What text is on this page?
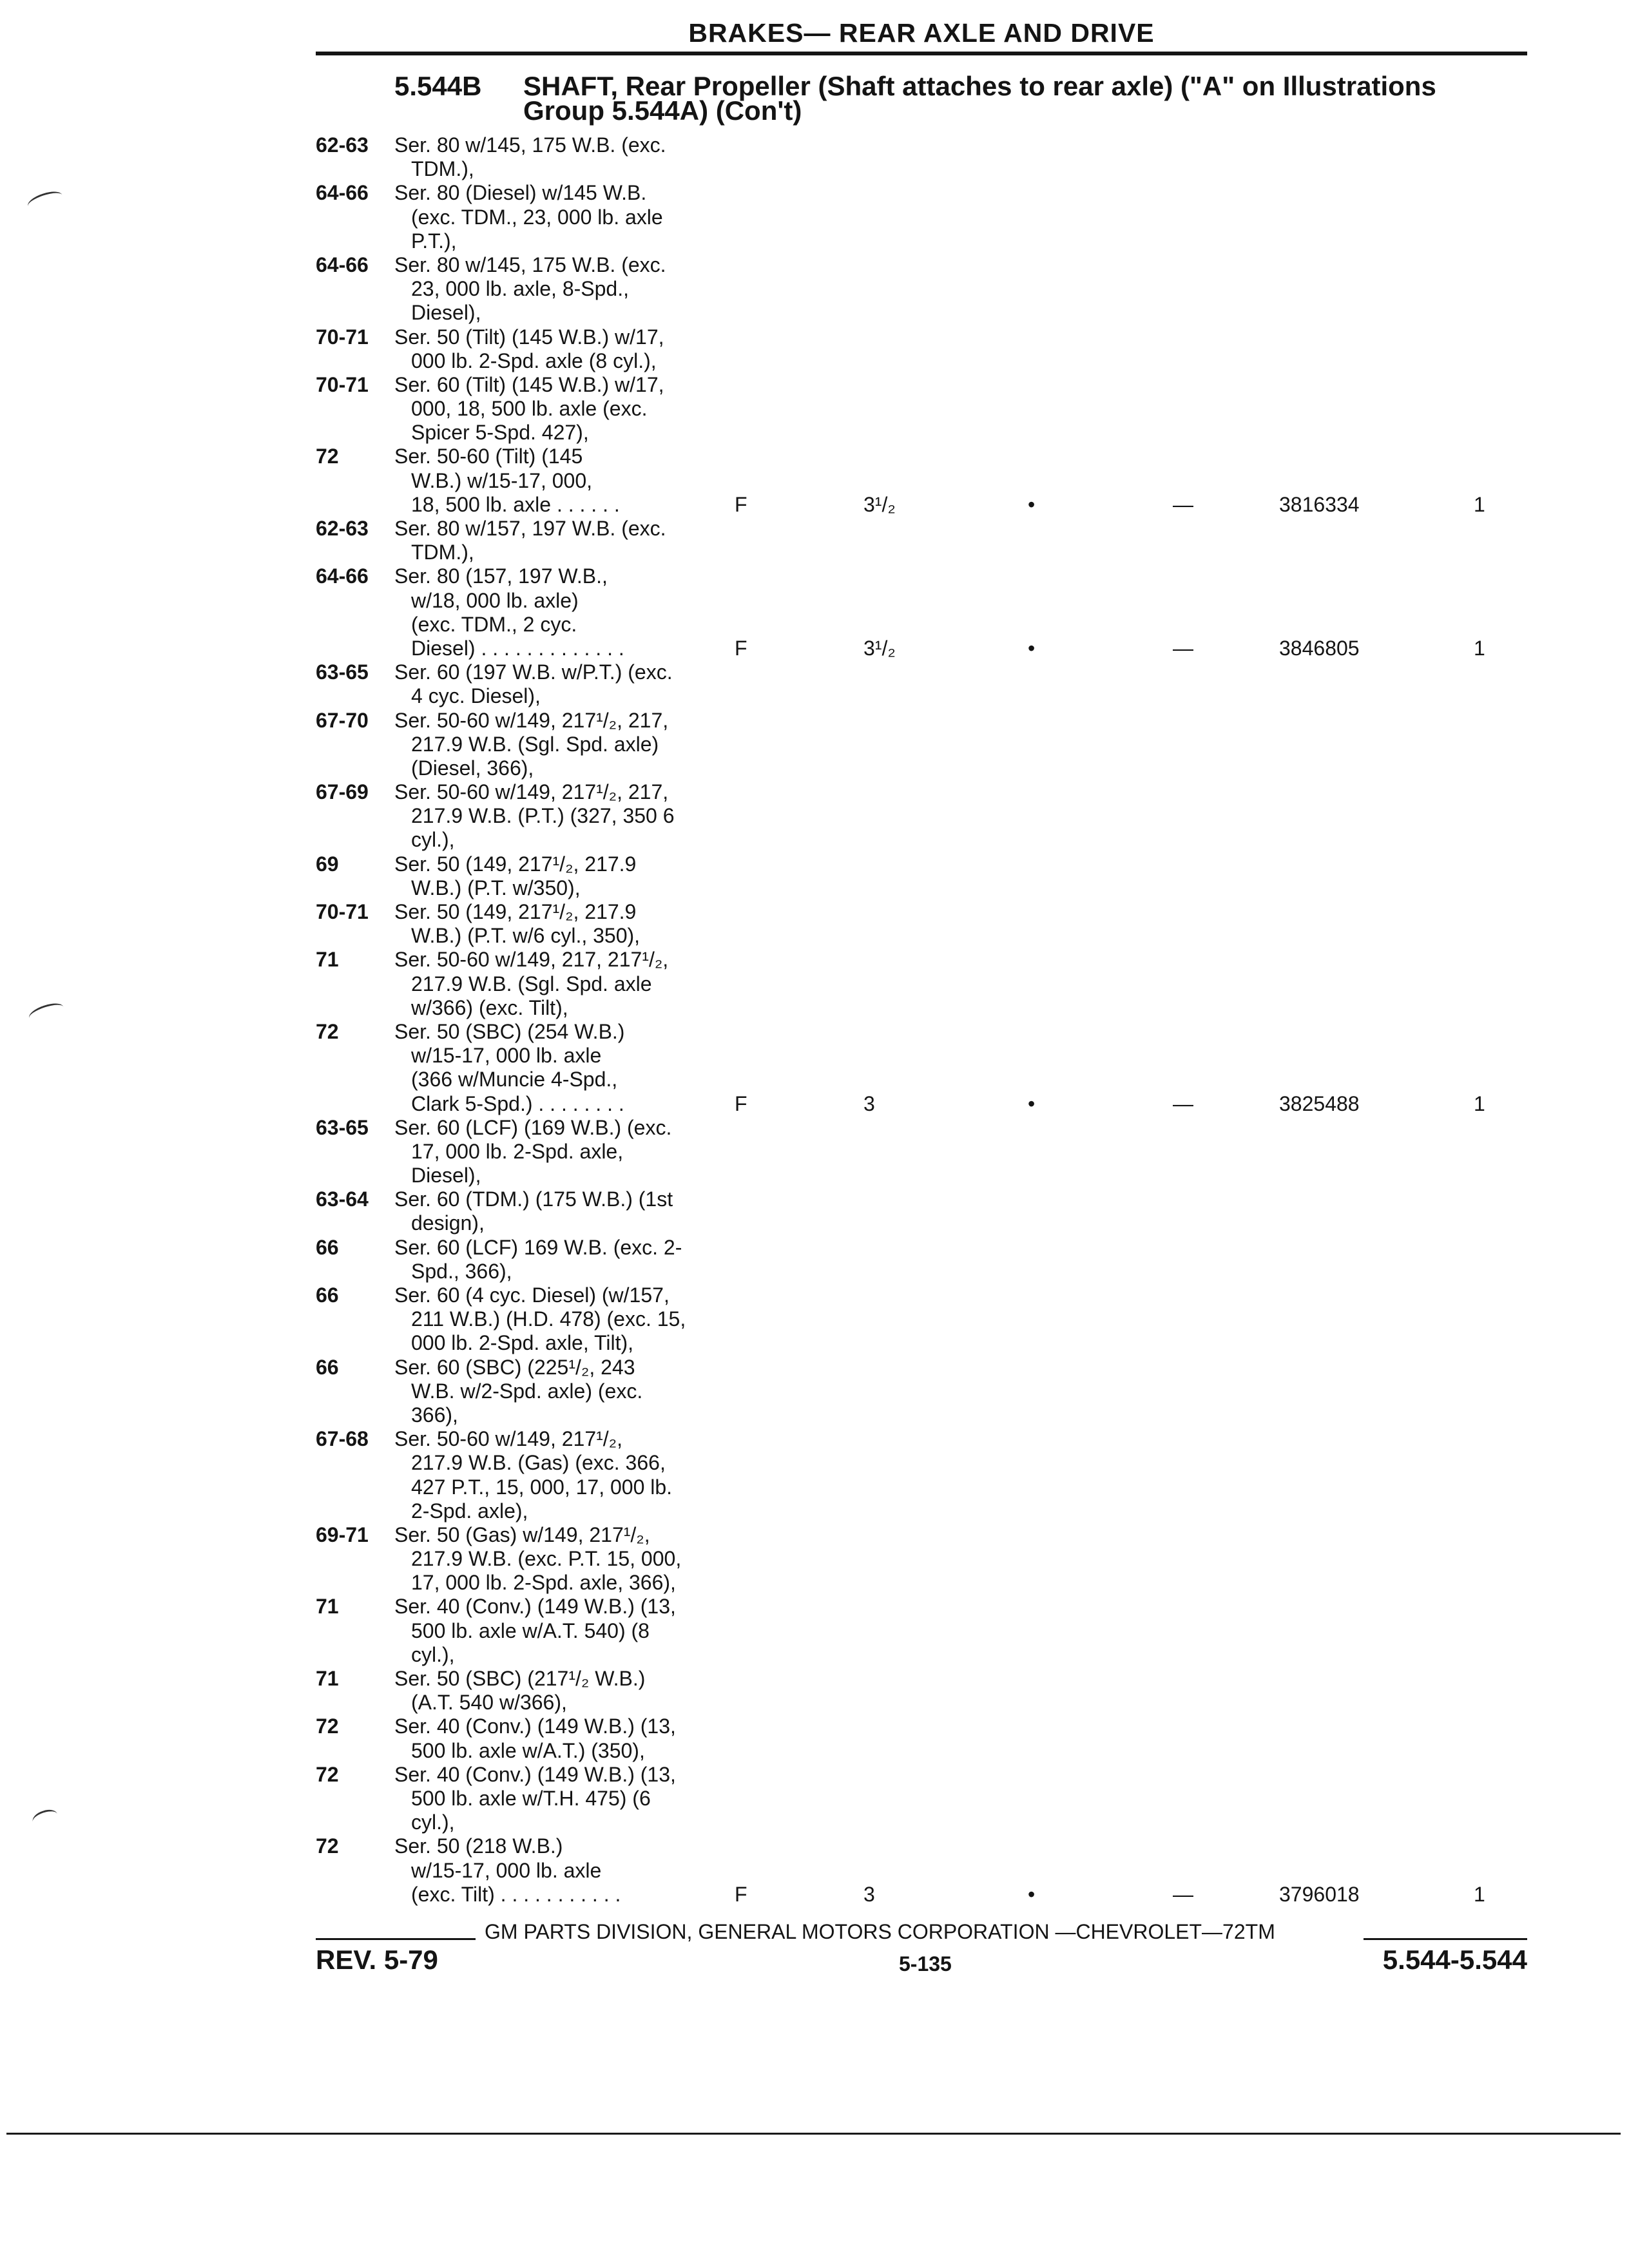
BRAKES— REAR AXLE AND DRIVE
5.544B SHAFT, Rear Propeller (Shaft attaches to rear axle) ("A" on Illustrations
Group 5.544A) (Con't)
62-63 Ser. 80 w/145, 175 W.B. (exc.
TDM.),
64-66 Ser. 80 (Diesel) w/145 W.B.
(exc. TDM., 23, 000 lb. axle
P.T.),
64-66 Ser. 80 w/145, 175 W.B. (exc.
23, 000 lb. axle, 8-Spd.,
Diesel),
70-71 Ser. 50 (Tilt) (145 W.B.) w/17,
000 lb. 2-Spd. axle (8 cyl.),
70-71 Ser. 60 (Tilt) (145 W.B.) w/17,
000, 18, 500 lb. axle (exc.
Spicer 5-Spd. 427),
72	Ser. 50-60 (Tilt) (145
W.B.) w/15-17, 000,
18, 500 lb. axle . . . . . .	F	3¹/₂	•	—	3816334	1
62-63 Ser. 80 w/157, 197 W.B. (exc.
TDM.),
64-66 Ser. 80 (157, 197 W.B.,
w/18, 000 lb. axle)
(exc. TDM., 2 cyc.
Diesel) . . . . . . . . . . . . .	F	3¹/₂	•	—	3846805	1
63-65 Ser. 60 (197 W.B. w/P.T.) (exc.
4 cyc. Diesel),
67-70 Ser. 50-60 w/149, 217¹/₂, 217,
217.9 W.B. (Sgl. Spd. axle)
(Diesel, 366),
67-69 Ser. 50-60 w/149, 217¹/₂, 217,
217.9 W.B. (P.T.) (327, 350 6
cyl.),
69	Ser. 50 (149, 217¹/₂, 217.9
W.B.) (P.T. w/350),
70-71 Ser. 50 (149, 217¹/₂, 217.9
W.B.) (P.T. w/6 cyl., 350),
71	Ser. 50-60 w/149, 217, 217¹/₂,
217.9 W.B. (Sgl. Spd. axle
w/366) (exc. Tilt),
72	Ser. 50 (SBC) (254 W.B.)
w/15-17, 000 lb. axle
(366 w/Muncie 4-Spd.,
Clark 5-Spd.) . . . . . . . .	F	3	•	—	3825488	1
63-65 Ser. 60 (LCF) (169 W.B.) (exc.
17, 000 lb. 2-Spd. axle,
Diesel),
63-64 Ser. 60 (TDM.) (175 W.B.) (1st
design),
66	Ser. 60 (LCF) 169 W.B. (exc. 2-
Spd., 366),
66	Ser. 60 (4 cyc. Diesel) (w/157,
211 W.B.) (H.D. 478) (exc. 15,
000 lb. 2-Spd. axle, Tilt),
66	Ser. 60 (SBC) (225¹/₂, 243
W.B. w/2-Spd. axle) (exc.
366),
67-68 Ser. 50-60 w/149, 217¹/₂,
217.9 W.B. (Gas) (exc. 366,
427 P.T., 15, 000, 17, 000 lb.
2-Spd. axle),
69-71 Ser. 50 (Gas) w/149, 217¹/₂,
217.9 W.B. (exc. P.T. 15, 000,
17, 000 lb. 2-Spd. axle, 366),
71	Ser. 40 (Conv.) (149 W.B.) (13,
500 lb. axle w/A.T. 540) (8
cyl.),
71	Ser. 50 (SBC) (217¹/₂ W.B.)
(A.T. 540 w/366),
72	Ser. 40 (Conv.) (149 W.B.) (13,
500 lb. axle w/A.T.) (350),
72	Ser. 40 (Conv.) (149 W.B.) (13,
500 lb. axle w/T.H. 475) (6
cyl.),
72	Ser. 50 (218 W.B.)
w/15-17, 000 lb. axle
(exc. Tilt) . . . . . . . . . . .	F	3	•	—	3796018	1
GM PARTS DIVISION, GENERAL MOTORS CORPORATION —CHEVROLET—72TM
REV. 5-79	5-135	5.544-5.544
